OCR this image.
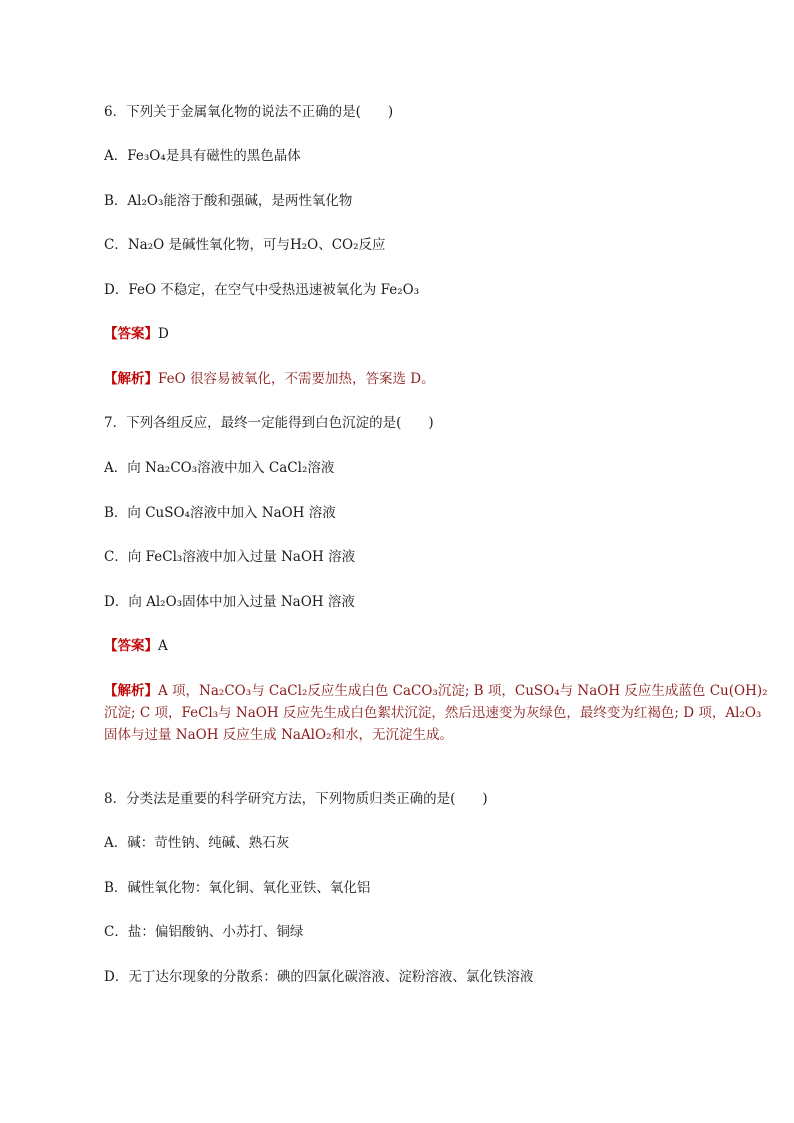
6．下列关于金属氧化物的说法不正确的是(　　)
A．Fe₃O₄是具有磁性的黑色晶体
B．Al₂O₃能溶于酸和强碱，是两性氧化物
C．Na₂O 是碱性氧化物，可与H₂O、CO₂反应
D．FeO 不稳定，在空气中受热迅速被氧化为 Fe₂O₃
【答案】D
【解析】FeO 很容易被氧化，不需要加热，答案选 D。
7．下列各组反应，最终一定能得到白色沉淀的是(　　)
A．向 Na₂CO₃溶液中加入 CaCl₂溶液
B．向 CuSO₄溶液中加入 NaOH 溶液
C．向 FeCl₃溶液中加入过量 NaOH 溶液
D．向 Al₂O₃固体中加入过量 NaOH 溶液
【答案】A
【解析】A 项，Na₂CO₃与 CaCl₂反应生成白色 CaCO₃沉淀; B 项，CuSO₄与 NaOH 反应生成蓝色 Cu(OH)₂
沉淀; C 项，FeCl₃与 NaOH 反应先生成白色絮状沉淀，然后迅速变为灰绿色，最终变为红褐色; D 项，Al₂O₃
固体与过量 NaOH 反应生成 NaAlO₂和水，无沉淀生成。
8．分类法是重要的科学研究方法，下列物质归类正确的是(　　)
A．碱：苛性钠、纯碱、熟石灰
B．碱性氧化物：氧化铜、氧化亚铁、氧化铝
C．盐：偏铝酸钠、小苏打、铜绿
D．无丁达尔现象的分散系：碘的四氯化碳溶液、淀粉溶液、氯化铁溶液
